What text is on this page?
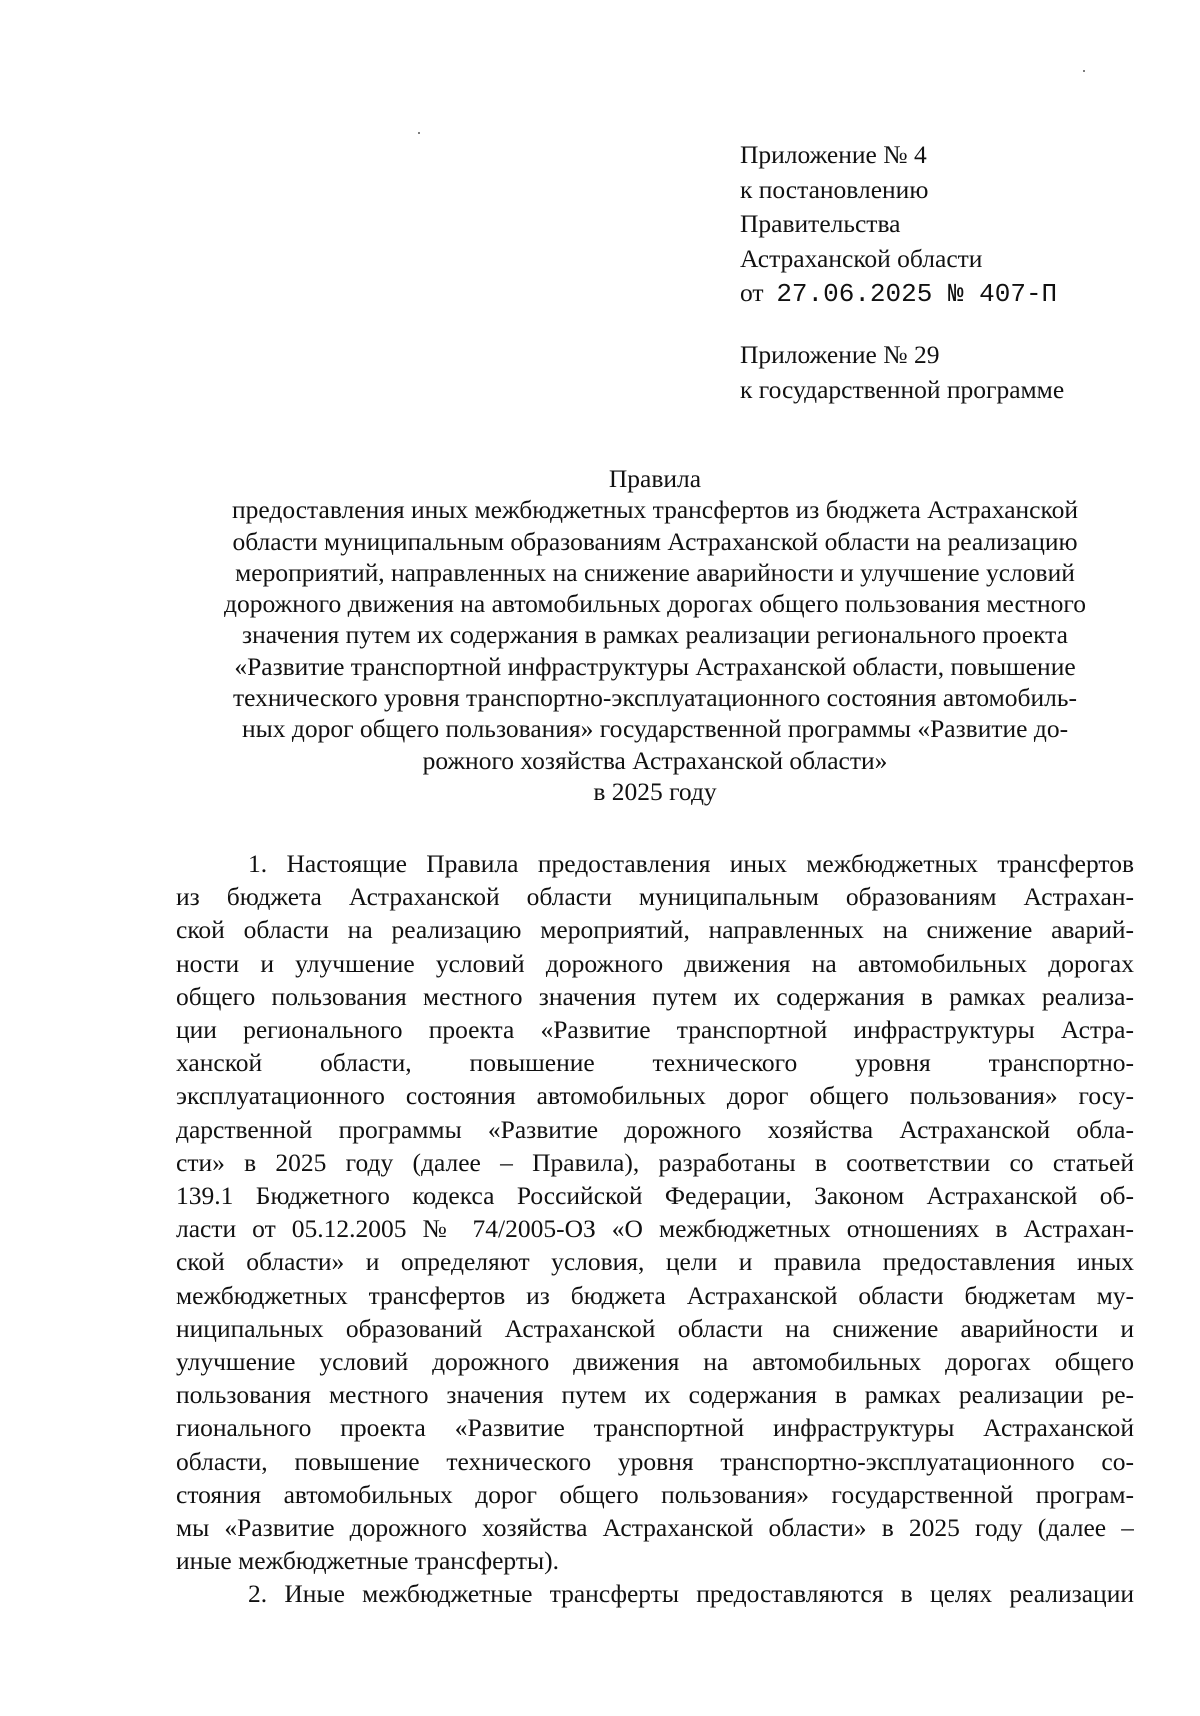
Приложение № 4
к постановлению
Правительства
Астраханской области
от 27.06.2025 № 407-П
Приложение № 29
к государственной программе
Правила
предоставления иных межбюджетных трансфертов из бюджета Астраханской
области муниципальным образованиям Астраханской области на реализацию
мероприятий, направленных на снижение аварийности и улучшение условий
дорожного движения на автомобильных дорогах общего пользования местного
значения путем их содержания в рамках реализации регионального проекта
«Развитие транспортной инфраструктуры Астраханской области, повышение
технического уровня транспортно-эксплуатационного состояния автомобиль-
ных дорог общего пользования» государственной программы «Развитие до-
рожного хозяйства Астраханской области»
в 2025 году
1. Настоящие Правила предоставления иных межбюджетных трансфертов
из бюджета Астраханской области муниципальным образованиям Астрахан-
ской области на реализацию мероприятий, направленных на снижение аварий-
ности и улучшение условий дорожного движения на автомобильных дорогах
общего пользования местного значения путем их содержания в рамках реализа-
ции регионального проекта «Развитие транспортной инфраструктуры Астра-
ханской области, повышение технического уровня транспортно-
эксплуатационного состояния автомобильных дорог общего пользования» госу-
дарственной программы «Развитие дорожного хозяйства Астраханской обла-
сти» в 2025 году (далее – Правила), разработаны в соответствии со статьей
139.1 Бюджетного кодекса Российской Федерации, Законом Астраханской об-
ласти от 05.12.2005 № 74/2005-ОЗ «О межбюджетных отношениях в Астрахан-
ской области» и определяют условия, цели и правила предоставления иных
межбюджетных трансфертов из бюджета Астраханской области бюджетам му-
ниципальных образований Астраханской области на снижение аварийности и
улучшение условий дорожного движения на автомобильных дорогах общего
пользования местного значения путем их содержания в рамках реализации ре-
гионального проекта «Развитие транспортной инфраструктуры Астраханской
области, повышение технического уровня транспортно-эксплуатационного со-
стояния автомобильных дорог общего пользования» государственной програм-
мы «Развитие дорожного хозяйства Астраханской области» в 2025 году (далее –
иные межбюджетные трансферты).
2. Иные межбюджетные трансферты предоставляются в целях реализации
